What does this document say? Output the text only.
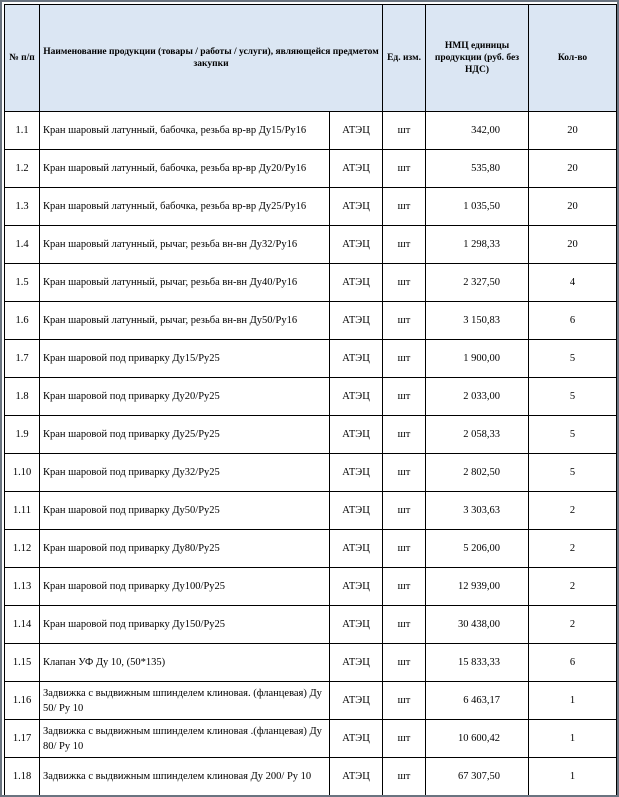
№ п/п	Наименование продукции (товары / работы / услуги), являющейся предметом закупки		Ед. изм.	НМЦ единицы продукции (руб. без НДС)	Кол-во
1.1	Кран шаровый латунный, бабочка, резьба вр-вр Ду15/Ру16	АТЭЦ	шт	342,00	20
1.2	Кран шаровый латунный, бабочка, резьба вр-вр Ду20/Ру16	АТЭЦ	шт	535,80	20
1.3	Кран шаровый латунный, бабочка, резьба вр-вр Ду25/Ру16	АТЭЦ	шт	1 035,50	20
1.4	Кран шаровый латунный, рычаг, резьба вн-вн Ду32/Ру16	АТЭЦ	шт	1 298,33	20
1.5	Кран шаровый латунный, рычаг, резьба вн-вн Ду40/Ру16	АТЭЦ	шт	2 327,50	4
1.6	Кран шаровый латунный, рычаг, резьба вн-вн Ду50/Ру16	АТЭЦ	шт	3 150,83	6
1.7	Кран шаровой под приварку Ду15/Ру25	АТЭЦ	шт	1 900,00	5
1.8	Кран шаровой под приварку Ду20/Ру25	АТЭЦ	шт	2 033,00	5
1.9	Кран шаровой под приварку Ду25/Ру25	АТЭЦ	шт	2 058,33	5
1.10	Кран шаровой под приварку Ду32/Ру25	АТЭЦ	шт	2 802,50	5
1.11	Кран шаровой под приварку Ду50/Ру25	АТЭЦ	шт	3 303,63	2
1.12	Кран шаровой под приварку Ду80/Ру25	АТЭЦ	шт	5 206,00	2
1.13	Кран шаровой под приварку Ду100/Ру25	АТЭЦ	шт	12 939,00	2
1.14	Кран шаровой под приварку Ду150/Ру25	АТЭЦ	шт	30 438,00	2
1.15	Клапан УФ Ду 10, (50*135)	АТЭЦ	шт	15 833,33	6
1.16	Задвижка с выдвижным шпинделем клиновая. (фланцевая) Ду 50/ Ру 10	АТЭЦ	шт	6 463,17	1
1.17	Задвижка с выдвижным шпинделем клиновая .(фланцевая) Ду 80/ Ру 10	АТЭЦ	шт	10 600,42	1
1.18	Задвижка с выдвижным шпинделем клиновая Ду 200/ Ру 10	АТЭЦ	шт	67 307,50	1
